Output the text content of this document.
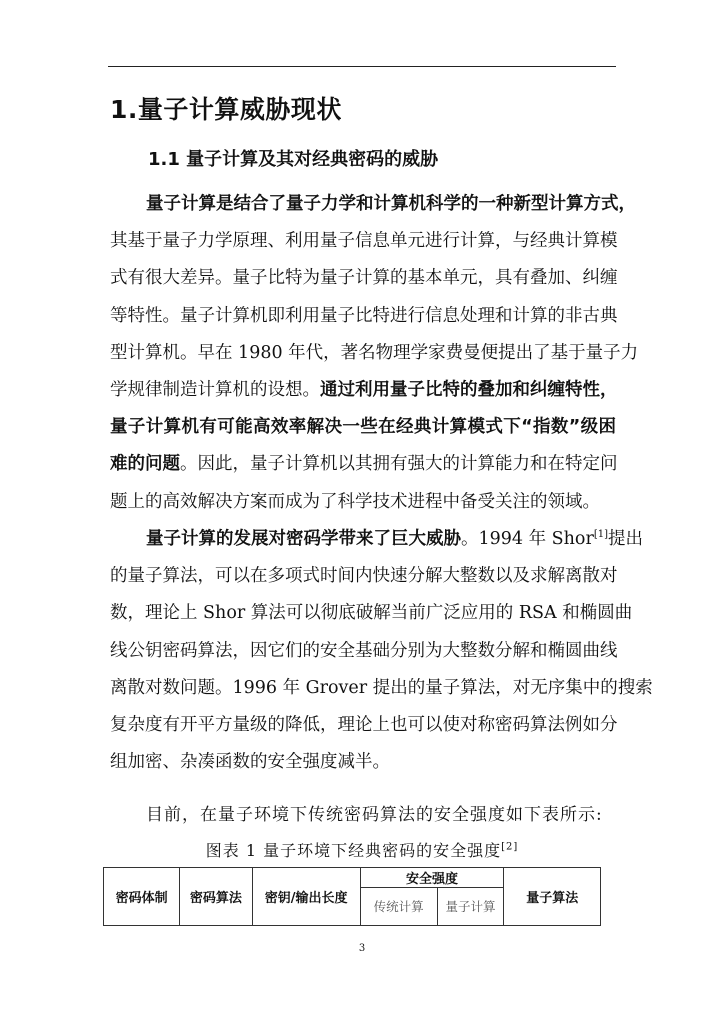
1.量子计算威胁现状
1.1 量子计算及其对经典密码的威胁
量子计算是结合了量子力学和计算机科学的一种新型计算方式，
其基于量子力学原理、利用量子信息单元进行计算，与经典计算模
式有很大差异。量子比特为量子计算的基本单元，具有叠加、纠缠
等特性。量子计算机即利用量子比特进行信息处理和计算的非古典
型计算机。早在 1980 年代，著名物理学家费曼便提出了基于量子力
学规律制造计算机的设想。通过利用量子比特的叠加和纠缠特性，
量子计算机有可能高效率解决一些在经典计算模式下“指数”级困
难的问题。因此，量子计算机以其拥有强大的计算能力和在特定问
题上的高效解决方案而成为了科学技术进程中备受关注的领域。
量子计算的发展对密码学带来了巨大威胁。1994 年 Shor[1]提出
的量子算法，可以在多项式时间内快速分解大整数以及求解离散对
数，理论上 Shor 算法可以彻底破解当前广泛应用的 RSA 和椭圆曲
线公钥密码算法，因它们的安全基础分别为大整数分解和椭圆曲线
离散对数问题。1996 年 Grover 提出的量子算法，对无序集中的搜索
复杂度有开平方量级的降低，理论上也可以使对称密码算法例如分
组加密、杂凑函数的安全强度减半。
目前，在量子环境下传统密码算法的安全强度如下表所示:
图表 1 量子环境下经典密码的安全强度[2]
密码体制	密码算法	密钥/输出长度	安全强度		量子算法
			传统计算	量子计算	
3
